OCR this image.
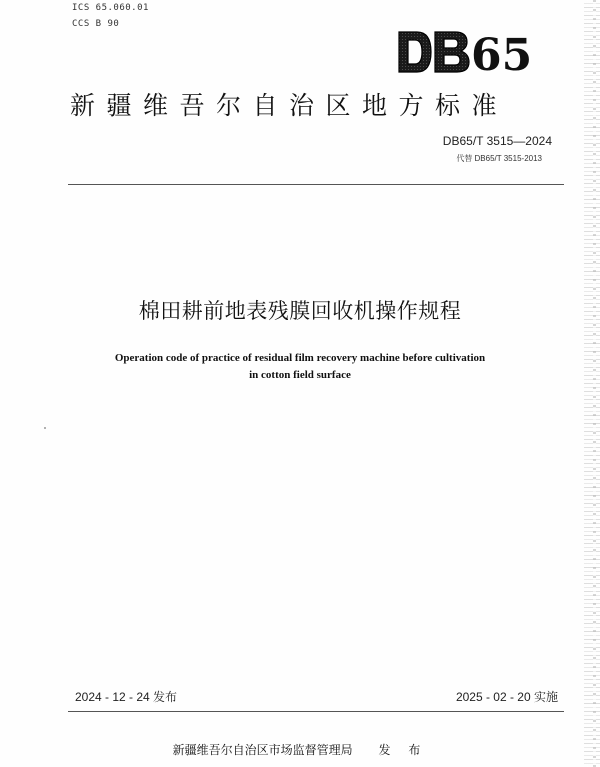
ICS 65.060.01
CCS B 90
65
新疆维吾尔自治区地方标准
DB65/T 3515—2024
代替 DB65/T 3515-2013
棉田耕前地表残膜回收机操作规程
Operation code of practice of residual film recovery machine before cultivation
in cotton field surface
2024 - 12 - 24 发布	2025 - 02 - 20 实施
新疆维吾尔自治区市场监督管理局 发 布
